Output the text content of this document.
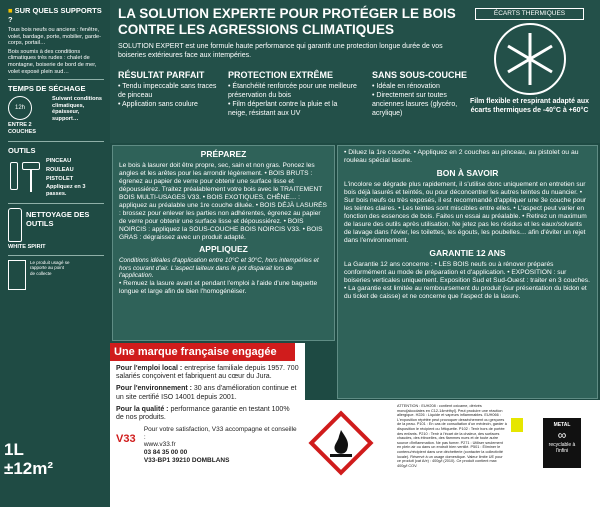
■ SUR QUELS SUPPORTS ?
Tous bois neufs ou anciens : fenêtre, volet, bardage, porte, mobilier, garde-corps, portail…
Bois soumis à des conditions climatiques très rudes : chalet de montagne, boiserie de bord de mer, volet exposé plein sud…
TEMPS DE SÉCHAGE
12h
ENTRE 2 COUCHES
Suivant conditions climatiques, épaisseur, support…
OUTILS
PINCEAU
ROULEAU
PISTOLET
Appliquez en 3 passes.
NETTOYAGE DES OUTILS
WHITE SPIRIT
Le produit usagé se rapporte au point de collecte
1L
±12m²
LA SOLUTION EXPERTE POUR PROTÉGER LE BOIS CONTRE LES AGRESSIONS CLIMATIQUES
SOLUTION EXPERT est une formule haute performance qui garantit une protection longue durée de vos boiseries extérieures face aux intempéries.
RÉSULTAT PARFAIT
• Tendu impeccable sans traces de pinceau
• Application sans coulure
PROTECTION EXTRÊME
• Étanchéité renforcée pour une meilleure préservation du bois
• Film déperlant contre la pluie et la neige, résistant aux UV
SANS SOUS-COUCHE
• Idéale en rénovation
• Directement sur toutes anciennes lasures (glycéro, acrylique)
ÉCARTS THERMIQUES
Film flexible et respirant adapté aux écarts thermiques de -40°C à +60°C
PRÉPAREZ
Le bois à lasurer doit être propre, sec, sain et non gras. Poncez les angles et les arêtes pour les arrondir légèrement. • BOIS BRUTS : égrenez au papier de verre pour obtenir une surface lisse et dépoussiérez. Traitez préalablement votre bois avec le TRAITEMENT BOIS MULTI-USAGES V33. • BOIS EXOTIQUES, CHÊNE… : appliquez au préalable une 1re couche diluée. • BOIS DÉJÀ LASURÉS : brossez pour enlever les parties non adhérentes, égrenez au papier de verre pour obtenir une surface lisse et dépoussiérez. • BOIS NOIRCIS : appliquez la SOUS-COUCHE BOIS NOIRCIS V33. • BOIS GRAS : dégraissez avec un produit adapté.
APPLIQUEZ
Conditions idéales d'application entre 10°C et 30°C, hors intempéries et hors courant d'air. L'aspect laiteux dans le pot disparait lors de l'application.
• Remuez la lasure avant et pendant l'emploi à l'aide d'une baguette longue et large afin de bien l'homogénéiser.
• Diluez la 1re couche. • Appliquez en 2 couches au pinceau, au pistolet ou au rouleau spécial lasure.
BON À SAVOIR
L'incolore se dégrade plus rapidement, il s'utilise donc uniquement en entretien sur bois déjà lasurés et teintés, ou pour déconcentrer les autres teintes du nuancier. • Sur bois neufs ou très exposés, il est recommandé d'appliquer une 3e couche pour les teintes claires. • Les teintes sont miscibles entre elles. • L'aspect peut varier en fonction des essences de bois. Faites un essai au préalable. • Retirez un maximum de lasure des outils après utilisation. Ne jetez pas les résidus et les eaux/solvants de lavage dans l'évier, les toilettes, les égouts, les poubelles… afin d'éviter un rejet dans l'environnement.
GARANTIE 12 ANS
La Garantie 12 ans concerne : • LES BOIS neufs ou à rénover préparés conformément au mode de préparation et d'application. • EXPOSITION : sur boiseries verticales uniquement. Exposition Sud et Sud-Ouest : traiter en 3 couches. • La garantie est limitée au remboursement du produit (sur présentation du bidon et du ticket de caisse) et ne concerne que l'aspect de la lasure.
Une marque française engagée
Pour l'emploi local : entreprise familiale depuis 1957. 700 salariés conçoivent et fabriquent au cœur du Jura.
Pour l'environnement : 30 ans d'amélioration continue et un site certifié ISO 14001 depuis 2001.
Pour la qualité : performance garantie en testant 100% de nos produits.
V33
Pour votre satisfaction, V33 accompagne et conseille :
www.v33.fr
03 84 35 00 00
V33-BP1 39210 DOMBLANS
ATTENTION : EUH208 : contient oxicame, dérivés mono[alcoolates en C12-14méthyl]. Peut produire une réaction allergique. H226 : Liquide et vapeurs inflammables. EUH066 : L'exposition répétée peut provoquer dessèchement ou gerçures de la peau. P101 : En cas de consultation d'un médecin, garder à disposition le récipient ou l'étiquette. P102 : Tenir hors de portée des enfants. P210 : Tenir à l'écart de la chaleur, des surfaces chaudes, des étincelles, des flammes nues et de toute autre source d'inflammation. Ne pas fumer. P271 : Utiliser seulement en plein air ou dans un endroit bien ventilé. P501 : Éliminer le contenu/récipient dans une déchetterie (contacter la collectivité locale). Réservé à un usage domestique. Valeur limite UE pour ce produit (cat A/e) : 400g/l (2010). Ce produit contient max 400g/l COV.
METAL
∞
recyclable à l'infini
Les résidus de produit doivent être déposés en déchetterie.
